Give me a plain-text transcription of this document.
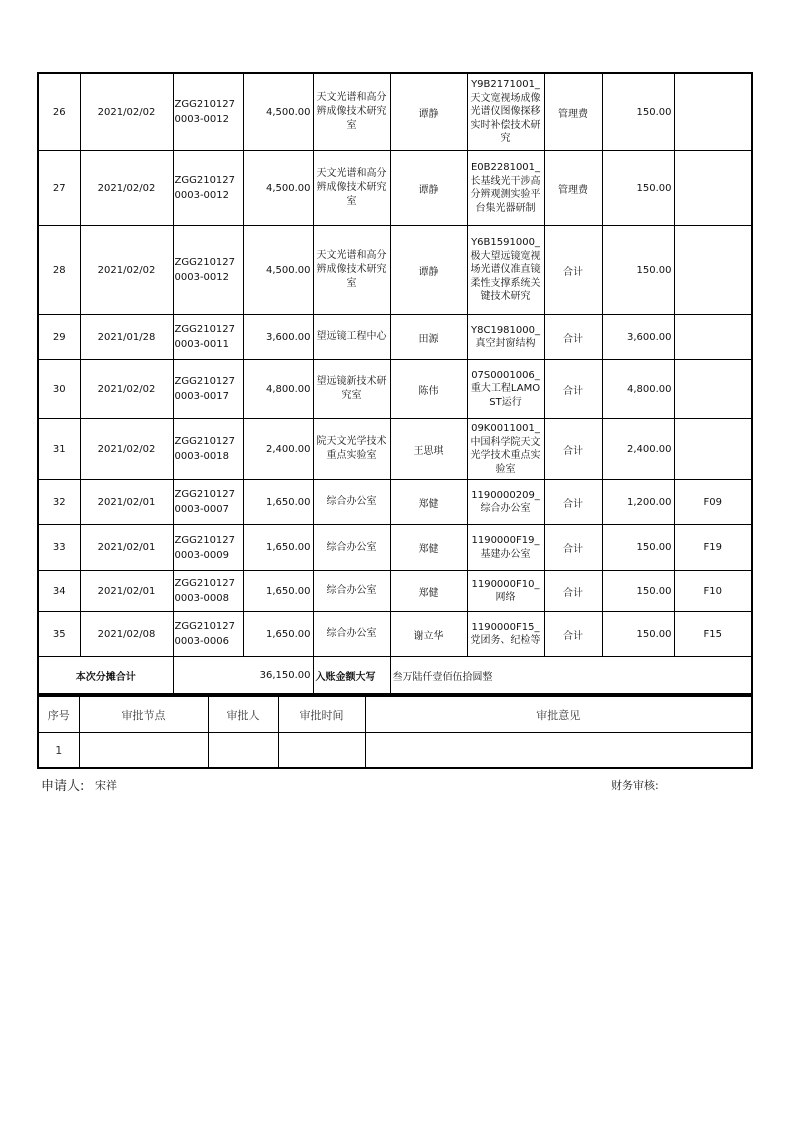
26	2021/02/02	ZGG2101270003-0012	4,500.00	天文光谱和高分辨成像技术研究室	谭静	Y9B2171001_天文宽视场成像光谱仪图像探移实时补偿技术研究	管理费	150.00	
27	2021/02/02	ZGG2101270003-0012	4,500.00	天文光谱和高分辨成像技术研究室	谭静	E0B2281001_长基线光干涉高分辨观测实验平台集光器研制	管理费	150.00	
28	2021/02/02	ZGG2101270003-0012	4,500.00	天文光谱和高分辨成像技术研究室	谭静	Y6B1591000_极大望远镜宽视场光谱仪准直镜柔性支撑系统关键技术研究	合计	150.00	
29	2021/01/28	ZGG2101270003-0011	3,600.00	望远镜工程中心	田源	Y8C1981000_真空封窗结构	合计	3,600.00	
30	2021/02/02	ZGG2101270003-0017	4,800.00	望远镜新技术研究室	陈伟	07S0001006_重大工程LAMOST运行	合计	4,800.00	
31	2021/02/02	ZGG2101270003-0018	2,400.00	院天文光学技术重点实验室	王思琪	09K0011001_中国科学院天文光学技术重点实验室	合计	2,400.00	
32	2021/02/01	ZGG2101270003-0007	1,650.00	综合办公室	郑健	1190000209_综合办公室	合计	1,200.00	F09
33	2021/02/01	ZGG2101270003-0009	1,650.00	综合办公室	郑健	1190000F19_基建办公室	合计	150.00	F19
34	2021/02/01	ZGG2101270003-0008	1,650.00	综合办公室	郑健	1190000F10_网络	合计	150.00	F10
35	2021/02/08	ZGG2101270003-0006	1,650.00	综合办公室	谢立华	1190000F15_党团务、纪检等	合计	150.00	F15
本次分摊合计		36,150.00		入账金额大写	叁万陆仟壹佰伍拾圆整				
序号	审批节点	审批人	审批时间	审批意见
1				
申请人: 宋祥	财务审核:
